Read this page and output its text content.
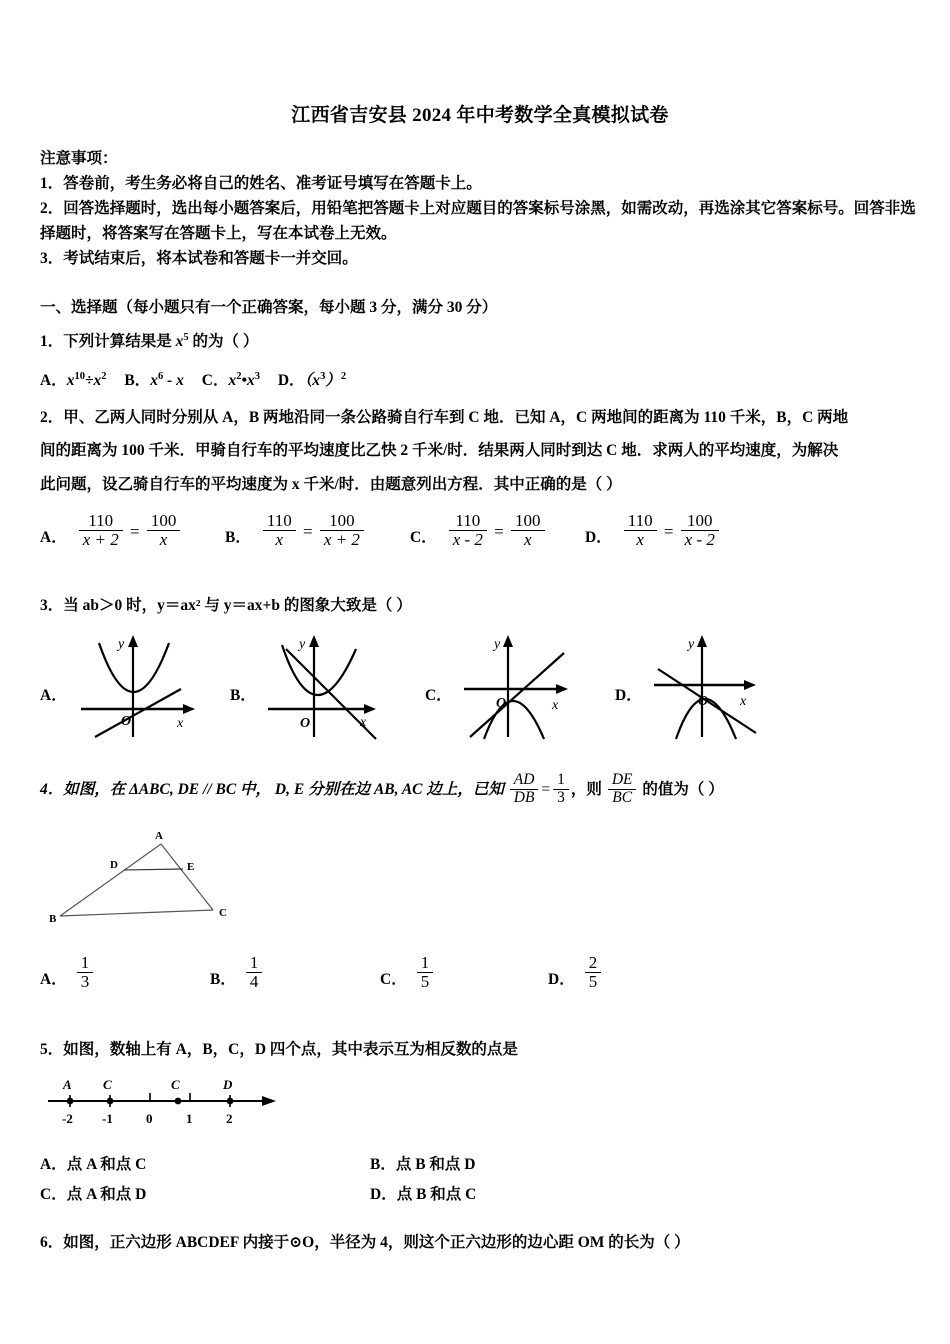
江西省吉安县 2024 年中考数学全真模拟试卷
注意事项：
1．答卷前，考生务必将自己的姓名、准考证号填写在答题卡上。
2．回答选择题时，选出每小题答案后，用铅笔把答题卡上对应题目的答案标号涂黑，如需改动，再选涂其它答案标号。回答非选择题时，将答案写在答题卡上，写在本试卷上无效。
3．考试结束后，将本试卷和答题卡一并交回。
一、选择题（每小题只有一个正确答案，每小题 3 分，满分 30 分）
1．下列计算结果是 $x^5$ 的为（ ）
A．$x^{10}\div x^2$ B．$x^6$ - x C．$x^2•x^3$ D．$(x^3)^2$
2．甲、乙两人同时分别从 A，B 两地沿同一条公路骑自行车到 C 地．已知 A，C 两地间的距离为 110 千米，B，C 两地
间的距离为 100 千米．甲骑自行车的平均速度比乙快 2 千米/时．结果两人同时到达 C 地．求两人的平均速度，为解决
此问题，设乙骑自行车的平均速度为 x 千米/时．由题意列出方程．其中正确的是（ ）
A． $\frac{110}{x + 2} = \frac{100}{x}$	B． $\frac{110}{x} = \frac{100}{x + 2}$	C． $\frac{110}{x - 2} = \frac{100}{x}$	D． $\frac{110}{x} = \frac{100}{x - 2}$
3．当 ab＞0 时，y＝ax² 与 y＝ax+b 的图象大致是（ ）
A．
O	x
y
B．
O	x
y
C．	O	x
y
D．	O x
y
4．如图，在 ΔABC, DE // BC 中， D, E 分别在边 AB, AC 边上，已知 $\frac{AD}{DB} = \frac{1}{3}$ ，则 $\frac{DE}{BC}$ 的值为（ ）
A
B	C
D	E
A． $\frac{1}{3}$	B． $\frac{1}{4}$	C． $\frac{1}{5}$	D． $\frac{2}{5}$
5．如图，数轴上有 A，B，C，D 四个点，其中表示互为相反数的点是
A C	C	D
-2 -1	0	1	2
A．点 A 和点 C	B．点 B 和点 D
C．点 A 和点 D	D．点 B 和点 C
6．如图，正六边形 ABCDEF 内接于⊙O，半径为 4，则这个正六边形的边心距 OM 的长为（ ）
